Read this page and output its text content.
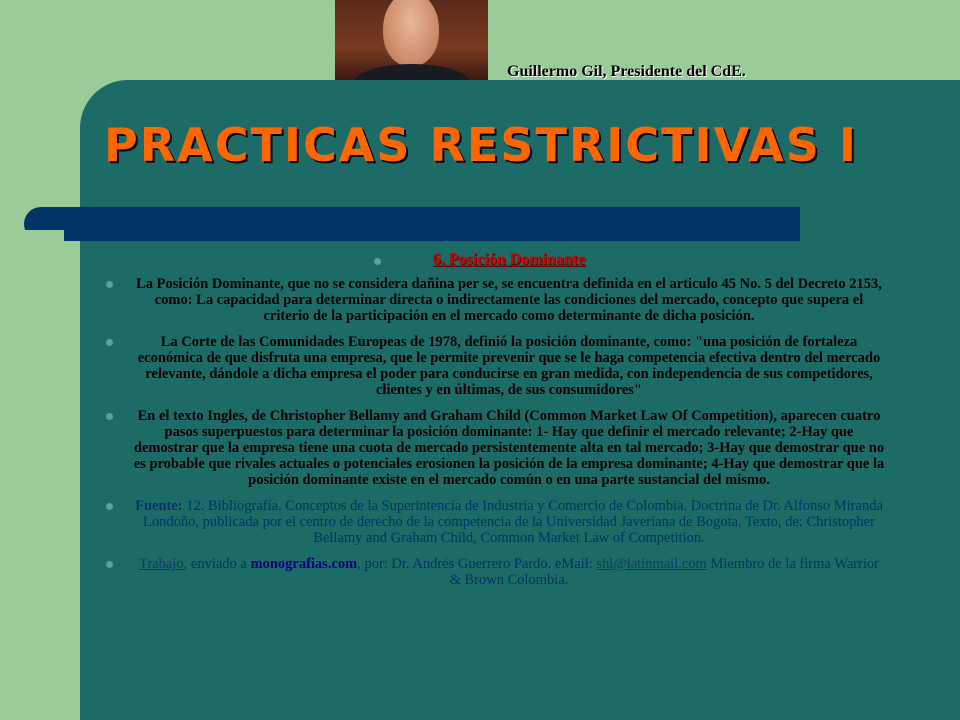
Guillermo Gil, Presidente del CdE.
PRACTICAS RESTRICTIVAS I
6. Posición Dominante
La Posición Dominante, que no se considera dañina per se, se encuentra definida en el articulo 45 No. 5 del Decreto 2153, como: La capacidad para determinar directa o indirectamente las condiciones del mercado, concepto que supera el criterio de la participación en el mercado como determinante de dicha posición.
La Corte de las Comunidades Europeas de 1978, definió la posición dominante, como: "una posición de fortaleza económica de que disfruta una empresa, que le permite prevenir que se le haga competencia efectiva dentro del mercado relevante, dándole a dicha empresa el poder para conducirse en gran medida, con independencia de sus competidores, clientes y en últimas, de sus consumidores"
En el texto Ingles, de Christopher Bellamy and Graham Child (Common Market Law Of Competition), aparecen cuatro pasos superpuestos para determinar la posición dominante: 1- Hay que definir el mercado relevante; 2-Hay que demostrar que la empresa tiene una cuota de mercado persistentemente alta en tal mercado; 3-Hay que demostrar que no es probable que rivales actuales o potenciales erosionen la posición de la empresa dominante; 4-Hay que demostrar que la posición dominante existe en el mercado común o en una parte sustancial del mismo.
Fuente: 12. Bibliografía. Conceptos de la Superintencia de Industria y Comercio de Colombia. Doctrina de Dr. Alfonso Miranda Londoño, publicada por el centro de derecho de la competencia de la Universidad Javeriana de Bogota. Texto, de: Christopher Bellamy and Graham Child, Common Market Law of Competition.
Trabajo, enviado a monografias.com, por: Dr. Andrés Guerrero Pardo. eMail: shl@latinmail.com Miembro de la firma Warrior & Brown Colombia.
